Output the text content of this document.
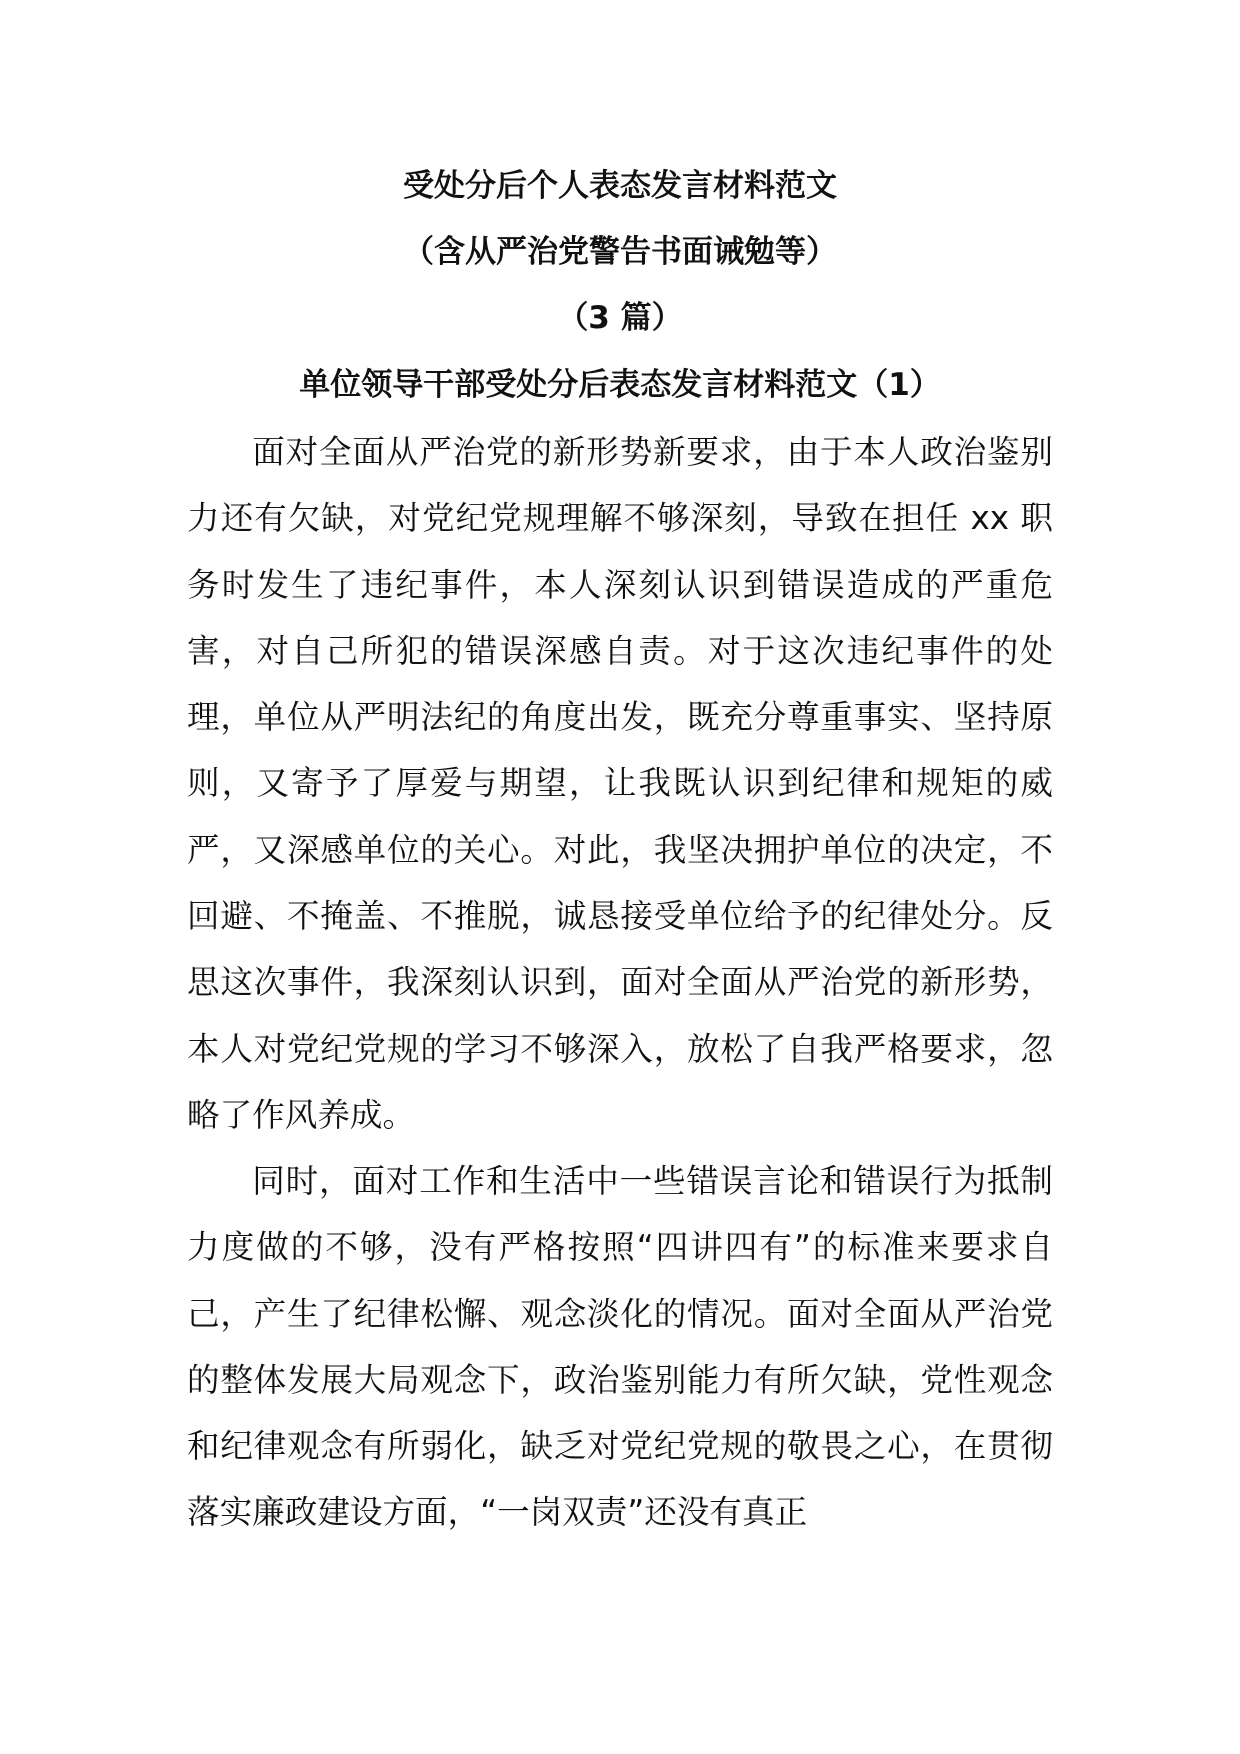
受处分后个人表态发言材料范文
（含从严治党警告书面诫勉等）
（3 篇）
单位领导干部受处分后表态发言材料范文（1）

面对全面从严治党的新形势新要求，由于本人政治鉴别力还有欠缺，对党纪党规理解不够深刻，导致在担任 xx 职务时发生了违纪事件，本人深刻认识到错误造成的严重危害，对自己所犯的错误深感自责。对于这次违纪事件的处理，单位从严明法纪的角度出发，既充分尊重事实、坚持原则，又寄予了厚爱与期望，让我既认识到纪律和规矩的威严，又深感单位的关心。对此，我坚决拥护单位的决定，不回避、不掩盖、不推脱，诚恳接受单位给予的纪律处分。反思这次事件，我深刻认识到，面对全面从严治党的新形势，本人对党纪党规的学习不够深入，放松了自我严格要求，忽略了作风养成。

同时，面对工作和生活中一些错误言论和错误行为抵制力度做的不够，没有严格按照“四讲四有”的标准来要求自己，产生了纪律松懈、观念淡化的情况。面对全面从严治党的整体发展大局观念下，政治鉴别能力有所欠缺，党性观念和纪律观念有所弱化，缺乏对党纪党规的敬畏之心，在贯彻落实廉政建设方面，“一岗双责”还没有真正
